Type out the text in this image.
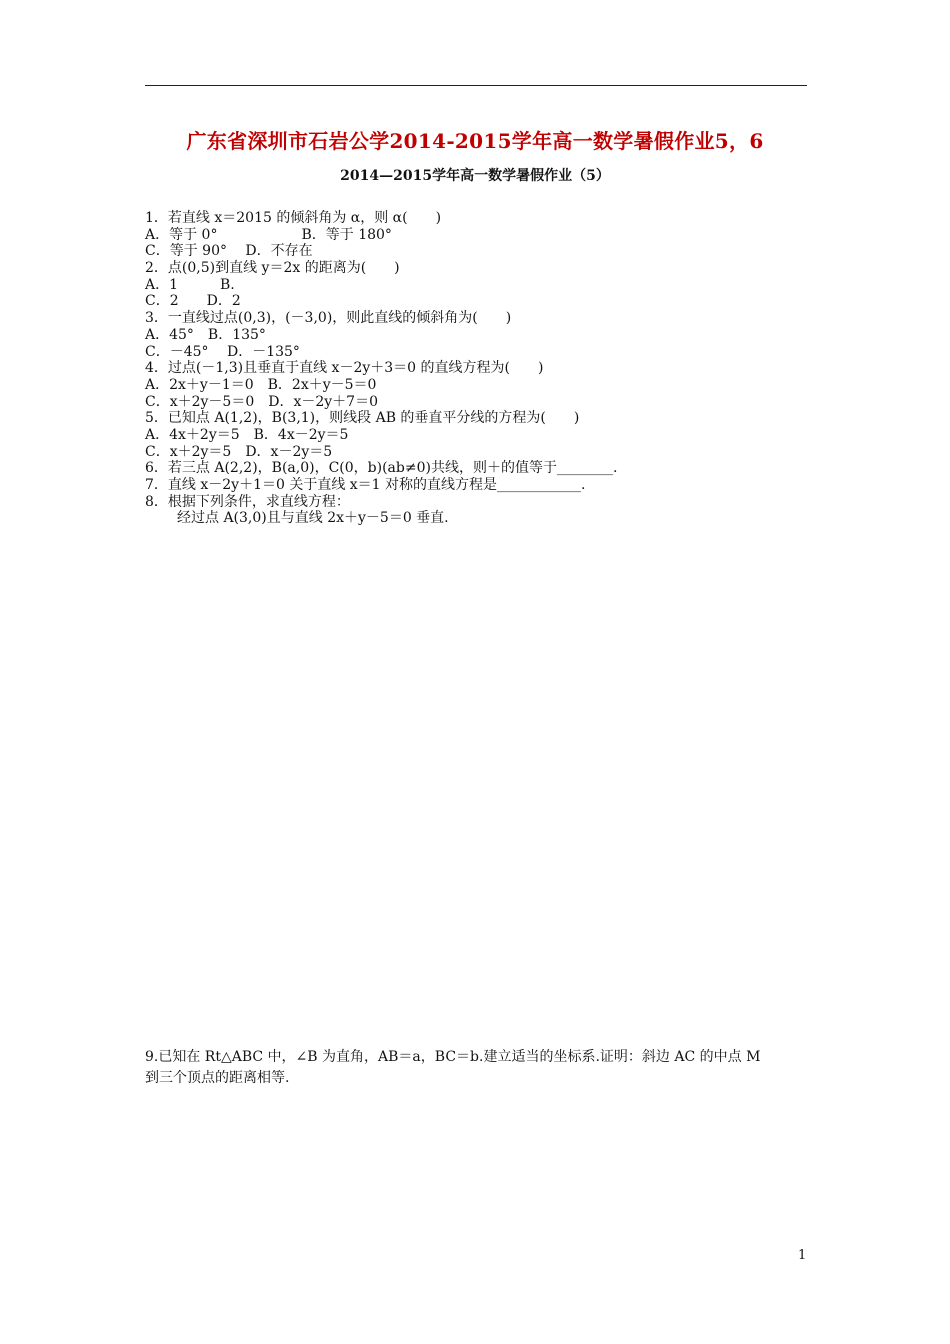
广东省深圳市石岩公学2014-2015学年高一数学暑假作业5，6
2014—2015学年高一数学暑假作业（5）
1．若直线 x＝2015 的倾斜角为 α，则 α(　　)
A．等于 0°　　　　　　B．等于 180°
C．等于 90°　 D．不存在
2．点(0,5)到直线 y＝2x 的距离为(　　)
A．1　　　B.
C．2　　D．2
3．一直线过点(0,3)，(－3,0)，则此直线的倾斜角为(　　)
A．45°　B．135°
C．－45°　 D．－135°
4．过点(－1,3)且垂直于直线 x－2y＋3＝0 的直线方程为(　　)
A．2x＋y－1＝0　B．2x＋y－5＝0
C．x＋2y－5＝0　D．x－2y＋7＝0
5．已知点 A(1,2)，B(3,1)，则线段 AB 的垂直平分线的方程为(　　)
A．4x＋2y＝5　B．4x－2y＝5
C．x＋2y＝5　D．x－2y＝5
6．若三点 A(2,2)，B(a,0)，C(0，b)(ab≠0)共线，则＋的值等于________.
7．直线 x－2y＋1＝0 关于直线 x＝1 对称的直线方程是____________.
8．根据下列条件，求直线方程：
经过点 A(3,0)且与直线 2x＋y－5＝0 垂直.
9.已知在 Rt△ABC 中，∠B 为直角，AB＝a，BC＝b.建立适当的坐标系.证明：斜边 AC 的中点 M
到三个顶点的距离相等.
1
